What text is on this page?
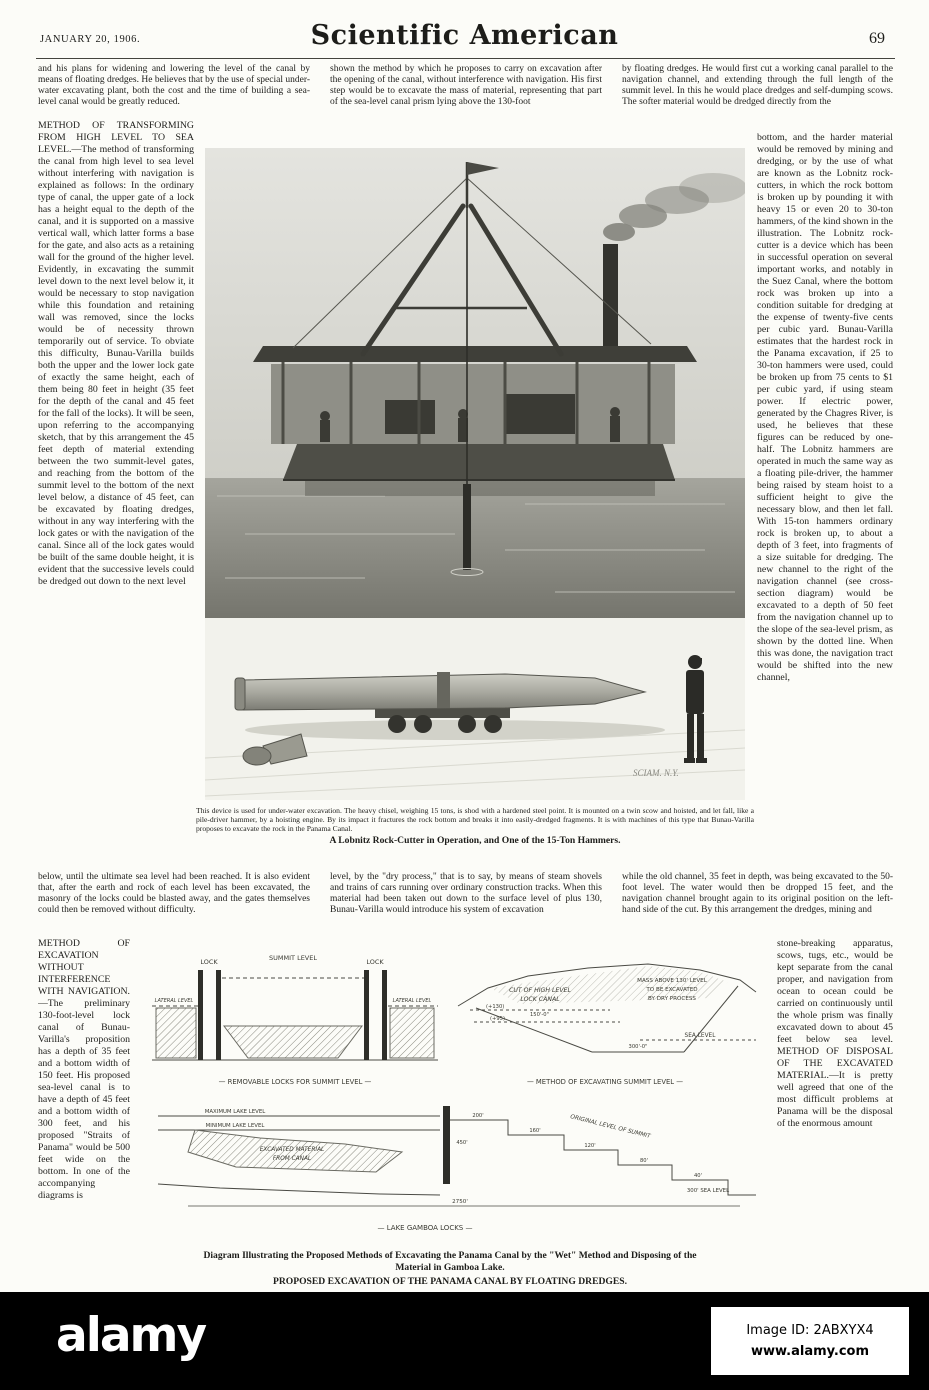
JANUARY 20, 1906.	Scientific American	69
and his plans for widening and lowering the level of the canal by means of floating dredges. He believes that by the use of special under-water excavating plant, both the cost and the time of building a sea-level canal would be greatly reduced.
shown the method by which he proposes to carry on excavation after the opening of the canal, without interference with navigation. His first step would be to excavate the mass of material, representing that part of the sea-level canal prism lying above the 130-foot
by floating dredges. He would first cut a working canal parallel to the navigation channel, and extending through the full length of the summit level. In this he would place dredges and self-dumping scows. The softer material would be dredged directly from the
METHOD OF TRANSFORMING FROM HIGH LEVEL TO SEA LEVEL.—The method of transforming the canal from high level to sea level without interfering with navigation is explained as follows: In the ordinary type of canal, the upper gate of a lock has a height equal to the depth of the canal, and it is supported on a massive vertical wall, which latter forms a base for the gate, and also acts as a retaining wall for the ground of the higher level. Evidently, in excavating the summit level down to the next level below it, it would be necessary to stop navigation while this foundation and retaining wall was removed, since the locks would be of necessity thrown temporarily out of service. To obviate this difficulty, Bunau-Varilla builds both the upper and the lower lock gate of exactly the same height, each of them being 80 feet in height (35 feet for the depth of the canal and 45 feet for the fall of the locks). It will be seen, upon referring to the accompanying sketch, that by this arrangement the 45 feet depth of material extending between the two summit-level gates, and reaching from the bottom of the summit level to the bottom of the next level below, a distance of 45 feet, can be excavated by floating dredges, without in any way interfering with the lock gates or with the navigation of the canal. Since all of the lock gates would be built of the same double height, it is evident that the successive levels could be dredged out down to the next level
bottom, and the harder material would be removed by mining and dredging, or by the use of what are known as the Lobnitz rock-cutters, in which the rock bottom is broken up by pounding it with heavy 15 or even 20 to 30-ton hammers, of the kind shown in the illustration. The Lobnitz rock-cutter is a device which has been in successful operation on several important works, and notably in the Suez Canal, where the bottom rock was broken up into a condition suitable for dredging at the expense of twenty-five cents per cubic yard. Bunau-Varilla estimates that the hardest rock in the Panama excavation, if 25 to 30-ton hammers were used, could be broken up from 75 cents to $1 per cubic yard, if using steam power. If electric power, generated by the Chagres River, is used, he believes that these figures can be reduced by one-half. The Lobnitz hammers are operated in much the same way as a floating pile-driver, the hammer being raised by steam hoist to a sufficient height to give the necessary blow, and then let fall. With 15-ton hammers ordinary rock is broken up, to about a depth of 3 feet, into fragments of a size suitable for dredging. The new channel to the right of the navigation channel (see cross-section diagram) would be excavated to a depth of 50 feet from the navigation channel up to the slope of the sea-level prism, as shown by the dotted line. When this was done, the navigation tract would be shifted into the new channel,
SCIAM. N.Y.
This device is used for under-water excavation. The heavy chisel, weighing 15 tons, is shod with a hardened steel point. It is mounted on a twin scow and hoisted, and let fall, like a pile-driver hammer, by a hoisting engine. By its impact it fractures the rock bottom and breaks it into easily-dredged fragments. It is with machines of this type that Bunau-Varilla proposes to excavate the rock in the Panama Canal.
A Lobnitz Rock-Cutter in Operation, and One of the 15-Ton Hammers.
below, until the ultimate sea level had been reached. It is also evident that, after the earth and rock of each level has been excavated, the masonry of the locks could be blasted away, and the gates themselves could then be removed without difficulty.
level, by the "dry process," that is to say, by means of steam shovels and trains of cars running over ordinary construction tracks. When this material had been taken out down to the surface level of plus 130, Bunau-Varilla would introduce his system of excavation
while the old channel, 35 feet in depth, was being excavated to the 50-foot level. The water would then be dropped 15 feet, and the navigation channel brought again to its original position on the left-hand side of the cut. By this arrangement the dredges, mining and
METHOD OF EXCAVATION WITHOUT INTERFERENCE WITH NAVIGATION.—The preliminary 130-foot-level lock canal of Bunau-Varilla's proposition has a depth of 35 feet and a bottom width of 150 feet. His proposed sea-level canal is to have a depth of 45 feet and a bottom width of 300 feet, and his proposed "Straits of Panama" would be 500 feet wide on the bottom. In one of the accompanying diagrams is
stone-breaking apparatus, scows, tugs, etc., would be kept separate from the canal proper, and navigation from ocean to ocean could be carried on continuously until the whole prism was finally excavated down to about 45 feet below sea level. METHOD OF DISPOSAL OF THE EXCAVATED MATERIAL.—It is pretty well agreed that one of the most difficult problems at Panama will be the disposal of the enormous amount
LOCK	SUMMIT LEVEL	LOCK
LATERAL LEVEL	LATERAL LEVEL
— REMOVABLE LOCKS FOR SUMMIT LEVEL —
CUT OF HIGH LEVEL
LOCK CANAL
MASS ABOVE 130' LEVEL
TO BE EXCAVATED
BY DRY PROCESS
(+130)
(+95)
150'-0"
SEA LEVEL
300'-0"
— METHOD OF EXCAVATING SUMMIT LEVEL —
MAXIMUM LAKE LEVEL
MINIMUM LAKE LEVEL
EXCAVATED MATERIAL
FROM CANAL
200'
160'
120'
80'
40'
ORIGINAL LEVEL OF SUMMIT
450'
300' SEA LEVEL
2750'
— LAKE GAMBOA LOCKS —
Diagram Illustrating the Proposed Methods of Excavating the Panama Canal by the "Wet" Method and Disposing of the
Material in Gamboa Lake.
PROPOSED EXCAVATION OF THE PANAMA CANAL BY FLOATING DREDGES.
alamy	Image ID: 2ABXYX4
www.alamy.com
